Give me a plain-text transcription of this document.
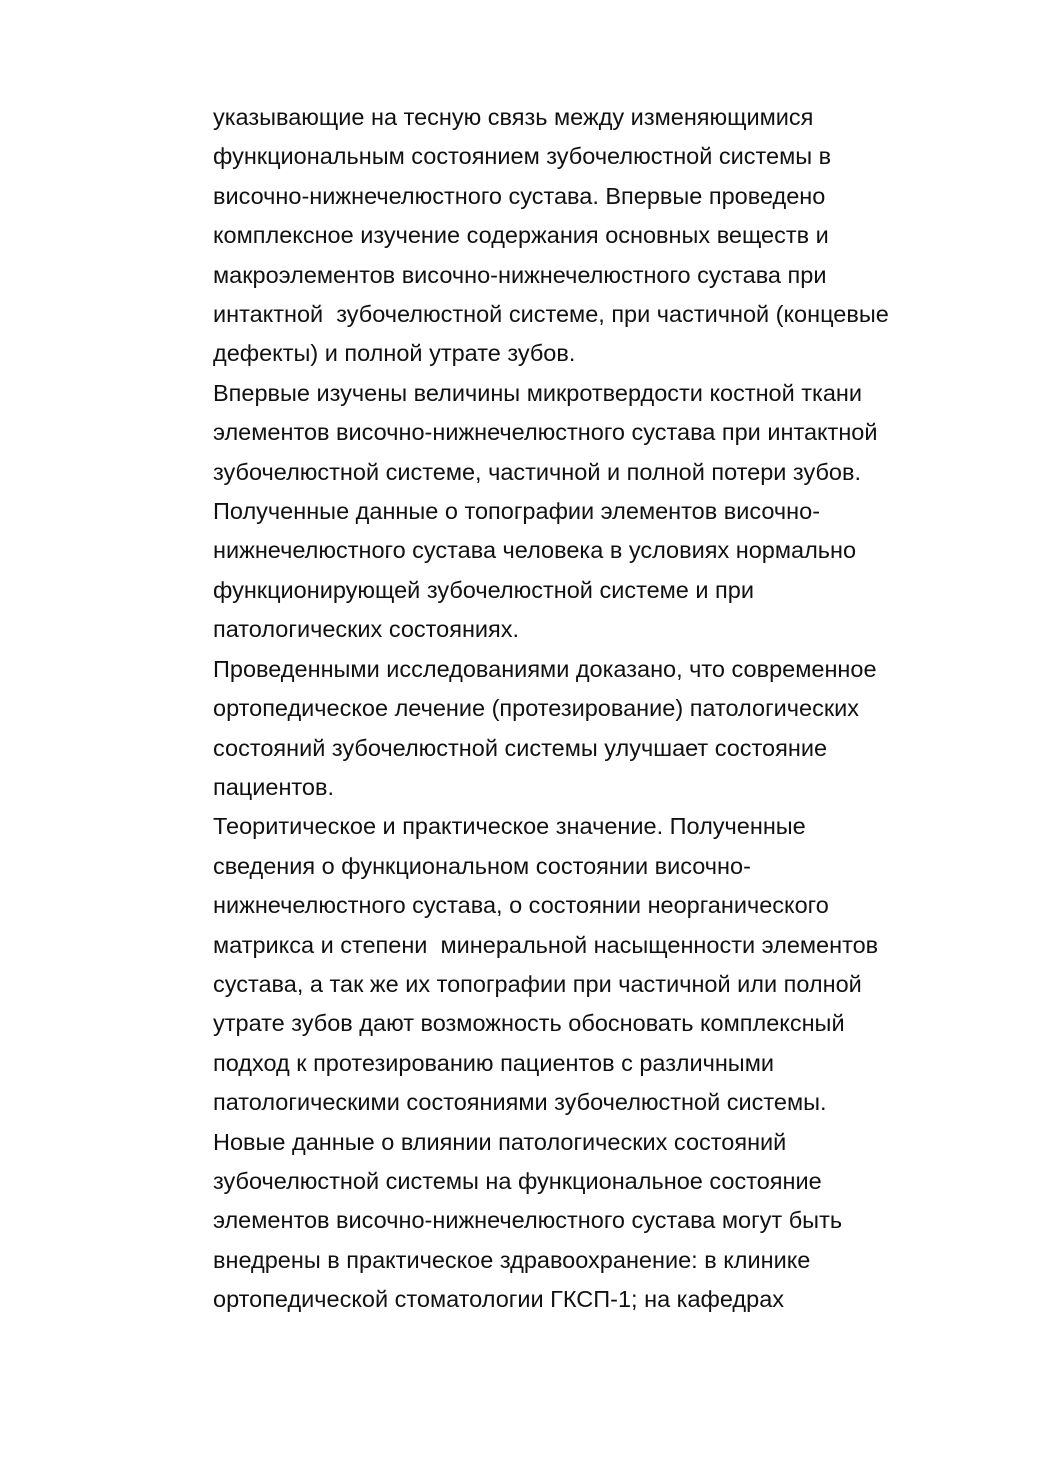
указывающие на тесную связь между изменяющимися
функциональным состоянием зубочелюстной системы в
височно-нижнечелюстного сустава. Впервые проведено
комплексное изучение содержания основных веществ и
макроэлементов височно-нижнечелюстного сустава при
интактной  зубочелюстной системе, при частичной (концевые
дефекты) и полной утрате зубов.
Впервые изучены величины микротвердости костной ткани
элементов височно-нижнечелюстного сустава при интактной
зубочелюстной системе, частичной и полной потери зубов.
Полученные данные о топографии элементов височно-
нижнечелюстного сустава человека в условиях нормально
функционирующей зубочелюстной системе и при
патологических состояниях.
Проведенными исследованиями доказано, что современное
ортопедическое лечение (протезирование) патологических
состояний зубочелюстной системы улучшает состояние
пациентов.
Теоритическое и практическое значение. Полученные
сведения о функциональном состоянии височно-
нижнечелюстного сустава, о состоянии неорганического
матрикса и степени  минеральной насыщенности элементов
сустава, а так же их топографии при частичной или полной
утрате зубов дают возможность обосновать комплексный
подход к протезированию пациентов с различными
патологическими состояниями зубочелюстной системы.
Новые данные о влиянии патологических состояний
зубочелюстной системы на функциональное состояние
элементов височно-нижнечелюстного сустава могут быть
внедрены в практическое здравоохранение: в клинике
ортопедической стоматологии ГКСП-1; на кафедрах
